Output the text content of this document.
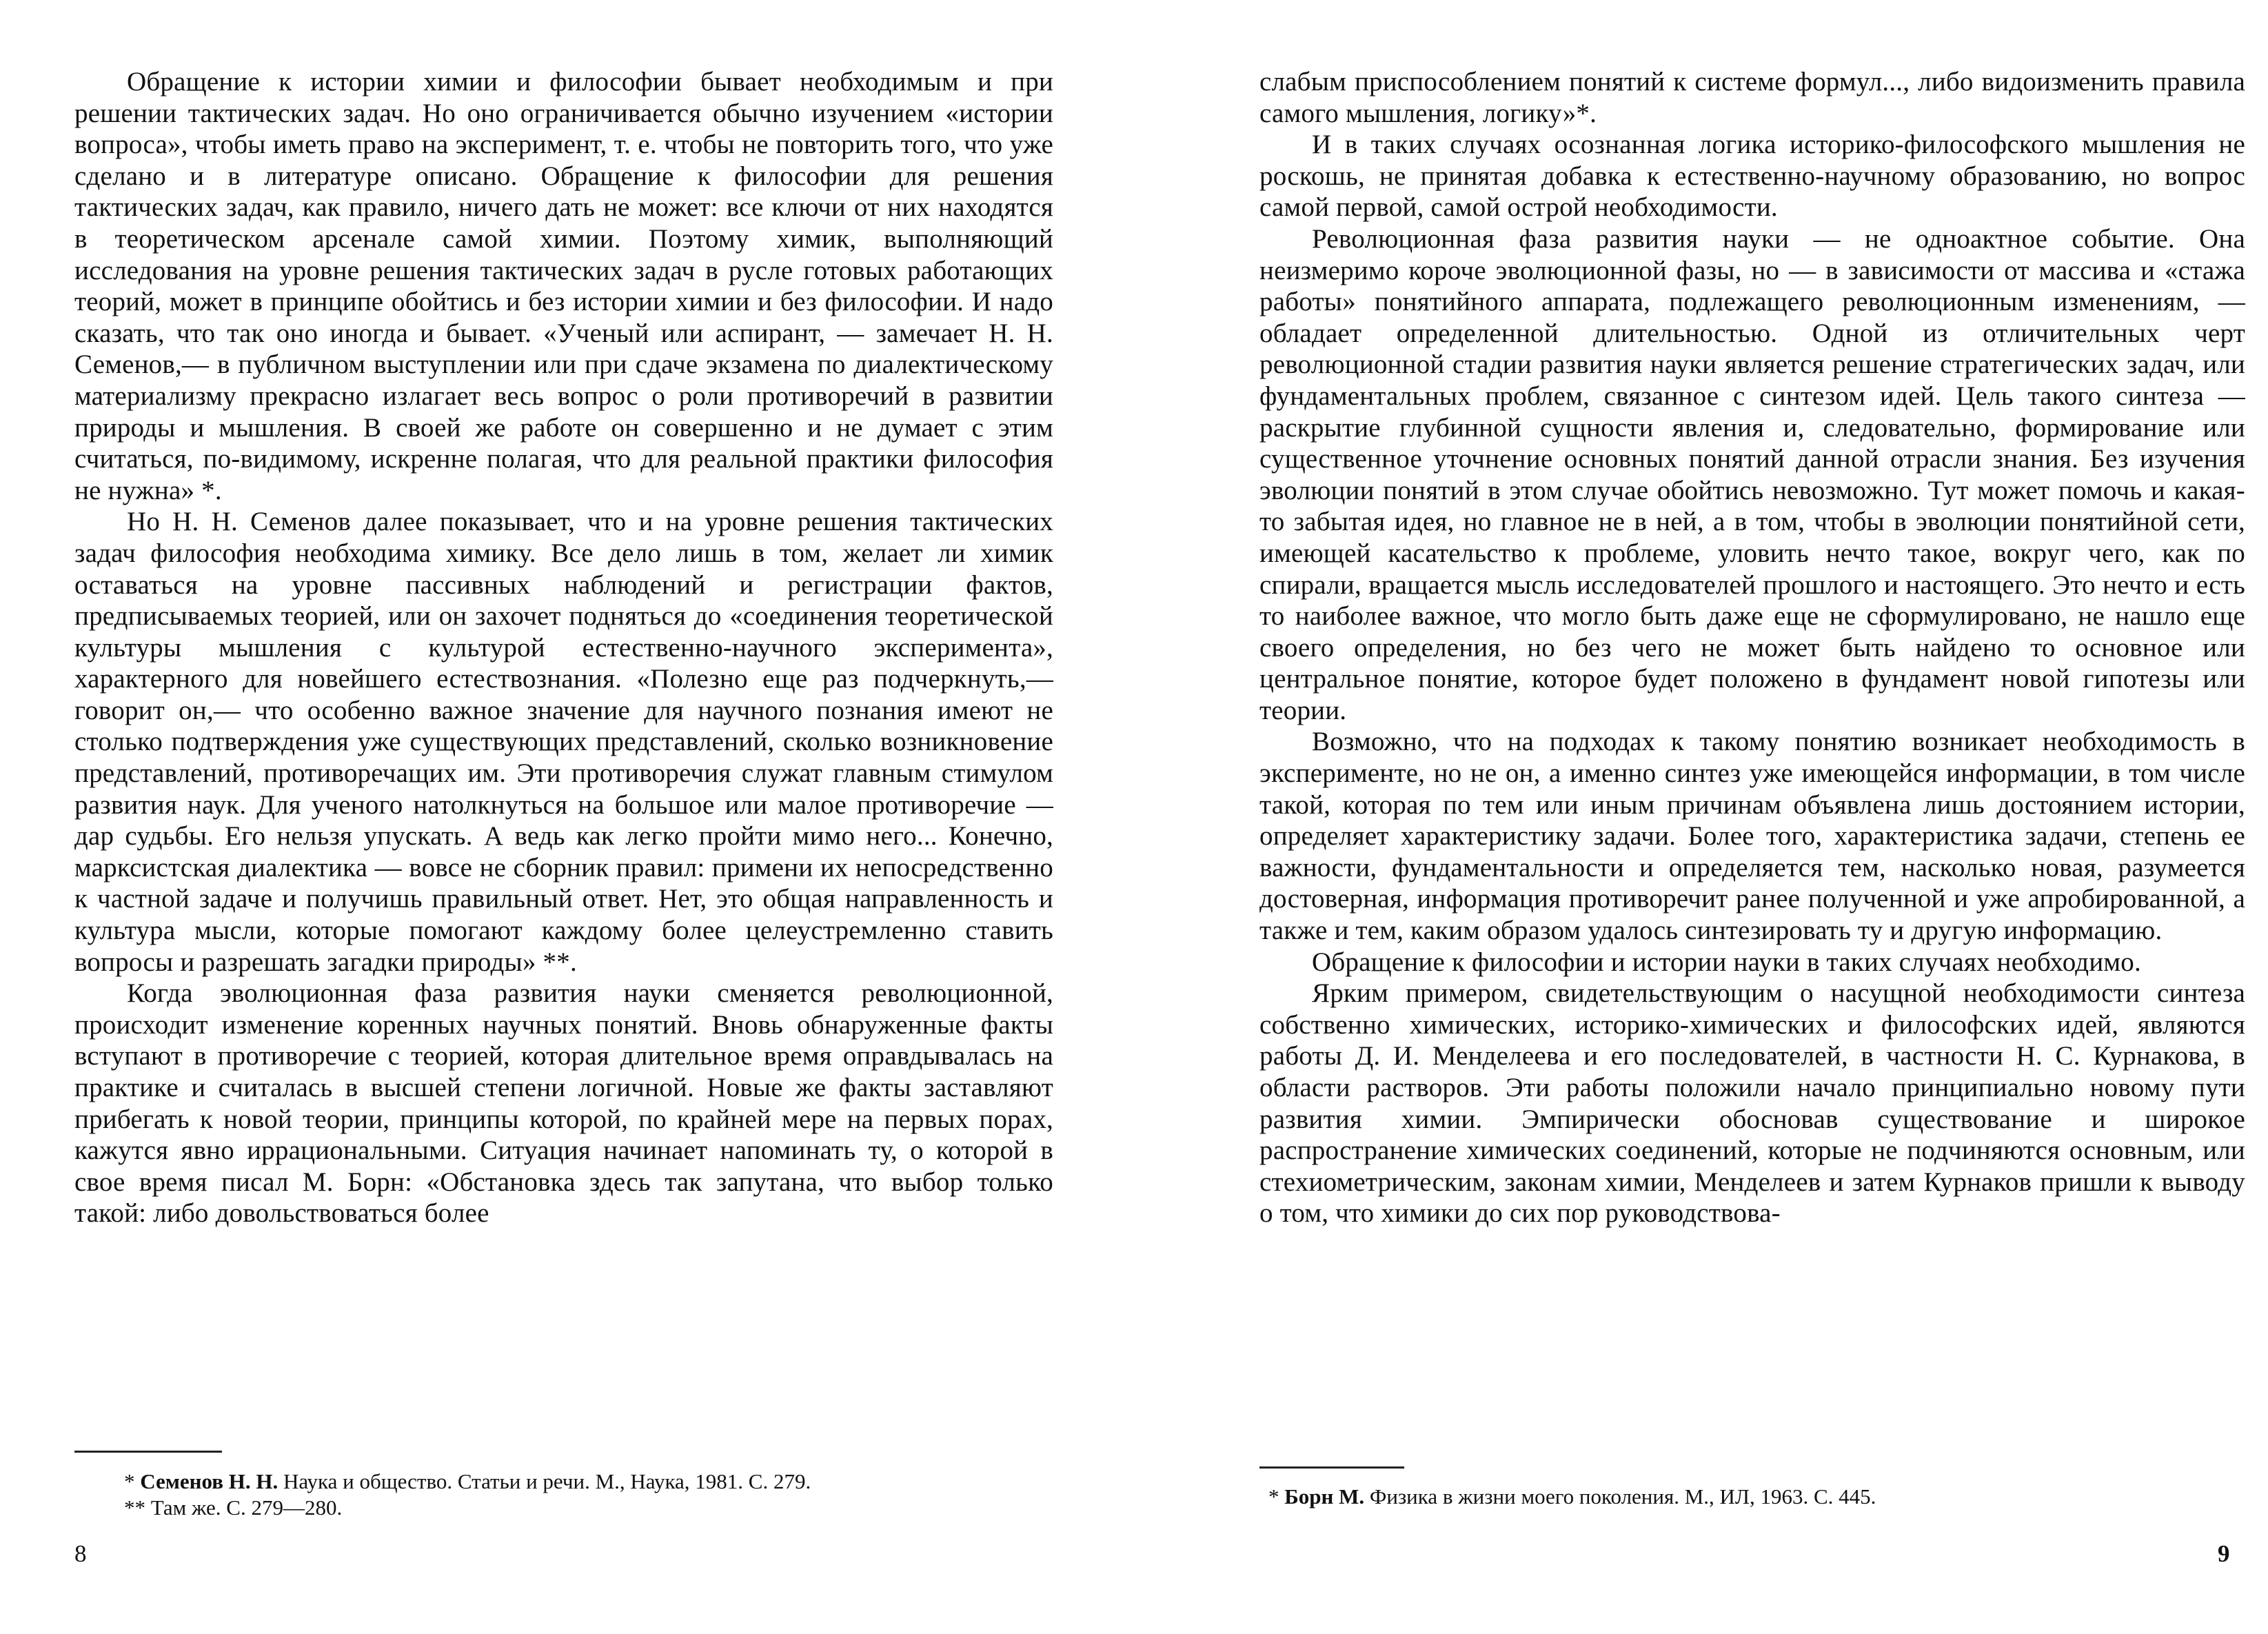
Обращение к истории химии и философии бывает необходимым и при решении тактических задач. Но оно ограничивается обычно изучением «истории вопроса», чтобы иметь право на эксперимент, т. е. чтобы не повторить того, что уже сделано и в литературе описано. Обращение к философии для решения тактических задач, как правило, ничего дать не может: все ключи от них находятся в теоретическом арсенале самой химии. Поэтому химик, выполняющий исследования на уровне решения тактических задач в русле готовых работающих теорий, может в принципе обойтись и без истории химии и без философии. И надо сказать, что так оно иногда и бывает. «Ученый или аспирант, — замечает Н. Н. Семенов,— в публичном выступлении или при сдаче экзамена по диалектическому материализму прекрасно излагает весь вопрос о роли противоречий в развитии природы и мышления. В своей же работе он совершенно и не думает с этим считаться, по-видимому, искренне полагая, что для реальной практики философия не нужна» *.

Но Н. Н. Семенов далее показывает, что и на уровне решения тактических задач философия необходима химику. Все дело лишь в том, желает ли химик оставаться на уровне пассивных наблюдений и регистрации фактов, предписываемых теорией, или он захочет подняться до «соединения теоретической культуры мышления с культурой естественно-научного эксперимента», характерного для новейшего естествознания. «Полезно еще раз подчеркнуть,— говорит он,— что особенно важное значение для научного познания имеют не столько подтверждения уже существующих представлений, сколько возникновение представлений, противоречащих им. Эти противоречия служат главным стимулом развития наук. Для ученого натолкнуться на большое или малое противоречие — дар судьбы. Его нельзя упускать. А ведь как легко пройти мимо него... Конечно, марксистская диалектика — вовсе не сборник правил: примени их непосредственно к частной задаче и получишь правильный ответ. Нет, это общая направленность и культура мысли, которые помогают каждому более целеустремленно ставить вопросы и разрешать загадки природы» **.

Когда эволюционная фаза развития науки сменяется революционной, происходит изменение коренных научных понятий. Вновь обнаруженные факты вступают в противоречие с теорией, которая длительное время оправдывалась на практике и считалась в высшей степени логичной. Новые же факты заставляют прибегать к новой теории, принципы которой, по крайней мере на первых порах, кажутся явно иррациональными. Ситуация начинает напоминать ту, о которой в свое время писал М. Борн: «Обстановка здесь так запутана, что выбор только такой: либо довольствоваться более

* Семенов Н. Н. Наука и общество. Статьи и речи. М., Наука, 1981. С. 279.

** Там же. С. 279—280.

8

слабым приспособлением понятий к системе формул..., либо видоизменить правила самого мышления, логику»*.

И в таких случаях осознанная логика историко-философского мышления не роскошь, не принятая добавка к естественно-научному образованию, но вопрос самой первой, самой острой необходимости.

Революционная фаза развития науки — не одноактное событие. Она неизмеримо короче эволюционной фазы, но — в зависимости от массива и «стажа работы» понятийного аппарата, подлежащего революционным изменениям, — обладает определенной длительностью. Одной из отличительных черт революционной стадии развития науки является решение стратегических задач, или фундаментальных проблем, связанное с синтезом идей. Цель такого синтеза — раскрытие глубинной сущности явления и, следовательно, формирование или существенное уточнение основных понятий данной отрасли знания. Без изучения эволюции понятий в этом случае обойтись невозможно. Тут может помочь и какая-то забытая идея, но главное не в ней, а в том, чтобы в эволюции понятийной сети, имеющей касательство к проблеме, уловить нечто такое, вокруг чего, как по спирали, вращается мысль исследователей прошлого и настоящего. Это нечто и есть то наиболее важное, что могло быть даже еще не сформулировано, не нашло еще своего определения, но без чего не может быть найдено то основное или центральное понятие, которое будет положено в фундамент новой гипотезы или теории.

Возможно, что на подходах к такому понятию возникает необходимость в эксперименте, но не он, а именно синтез уже имеющейся информации, в том числе такой, которая по тем или иным причинам объявлена лишь достоянием истории, определяет характеристику задачи. Более того, характеристика задачи, степень ее важности, фундаментальности и определяется тем, насколько новая, разумеется достоверная, информация противоречит ранее полученной и уже апробированной, а также и тем, каким образом удалось синтезировать ту и другую информацию.

Обращение к философии и истории науки в таких случаях необходимо.

Ярким примером, свидетельствующим о насущной необходимости синтеза собственно химических, историко-химических и философских идей, являются работы Д. И. Менделеева и его последователей, в частности Н. С. Курнакова, в области растворов. Эти работы положили начало принципиально новому пути развития химии. Эмпирически обосновав существование и широкое распространение химических соединений, которые не подчиняются основным, или стехиометрическим, законам химии, Менделеев и затем Курнаков пришли к выводу о том, что химики до сих пор руководствова-

* Борн М. Физика в жизни моего поколения. М., ИЛ, 1963. С. 445.

9
